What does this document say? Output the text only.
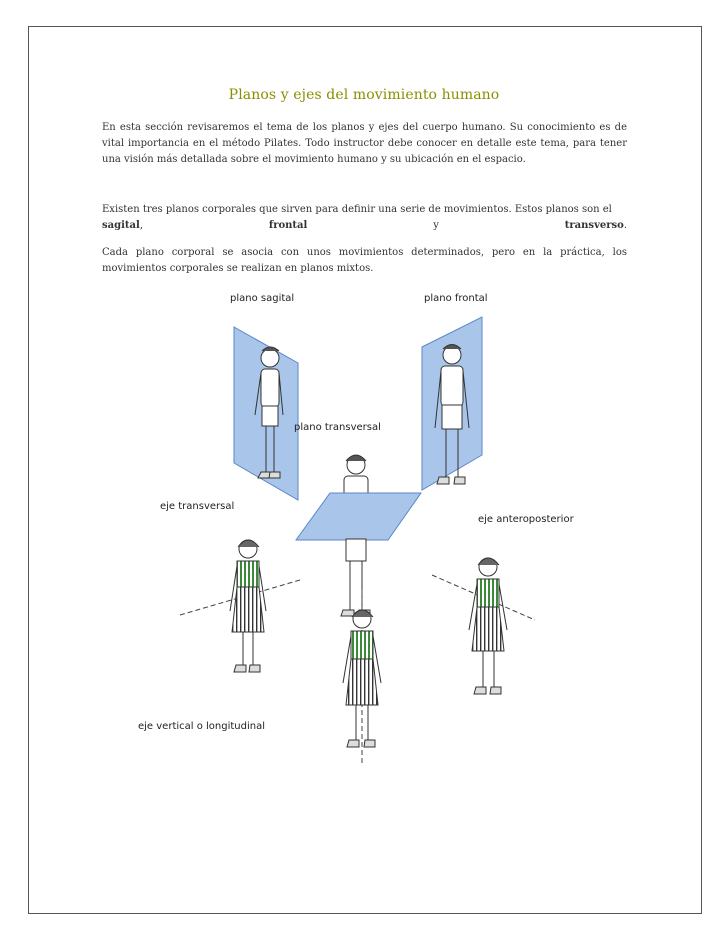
Planos y ejes del movimiento humano

En esta sección revisaremos el tema de los planos y ejes del cuerpo humano. Su conocimiento es de vital importancia en el método Pilates. Todo instructor debe conocer en detalle este tema, para tener una visión más detallada sobre el movimiento humano y su ubicación en el espacio.

Existen tres planos corporales que sirven para definir una serie de movimientos. Estos planos son el
sagital,	frontal	y	transverso.

Cada plano corporal se asocia con unos movimientos determinados, pero en la práctica, los movimientos corporales se realizan en planos mixtos.

plano sagital	plano frontal
plano transversal
eje transversal
eje anteroposterior
eje vertical o longitudinal
